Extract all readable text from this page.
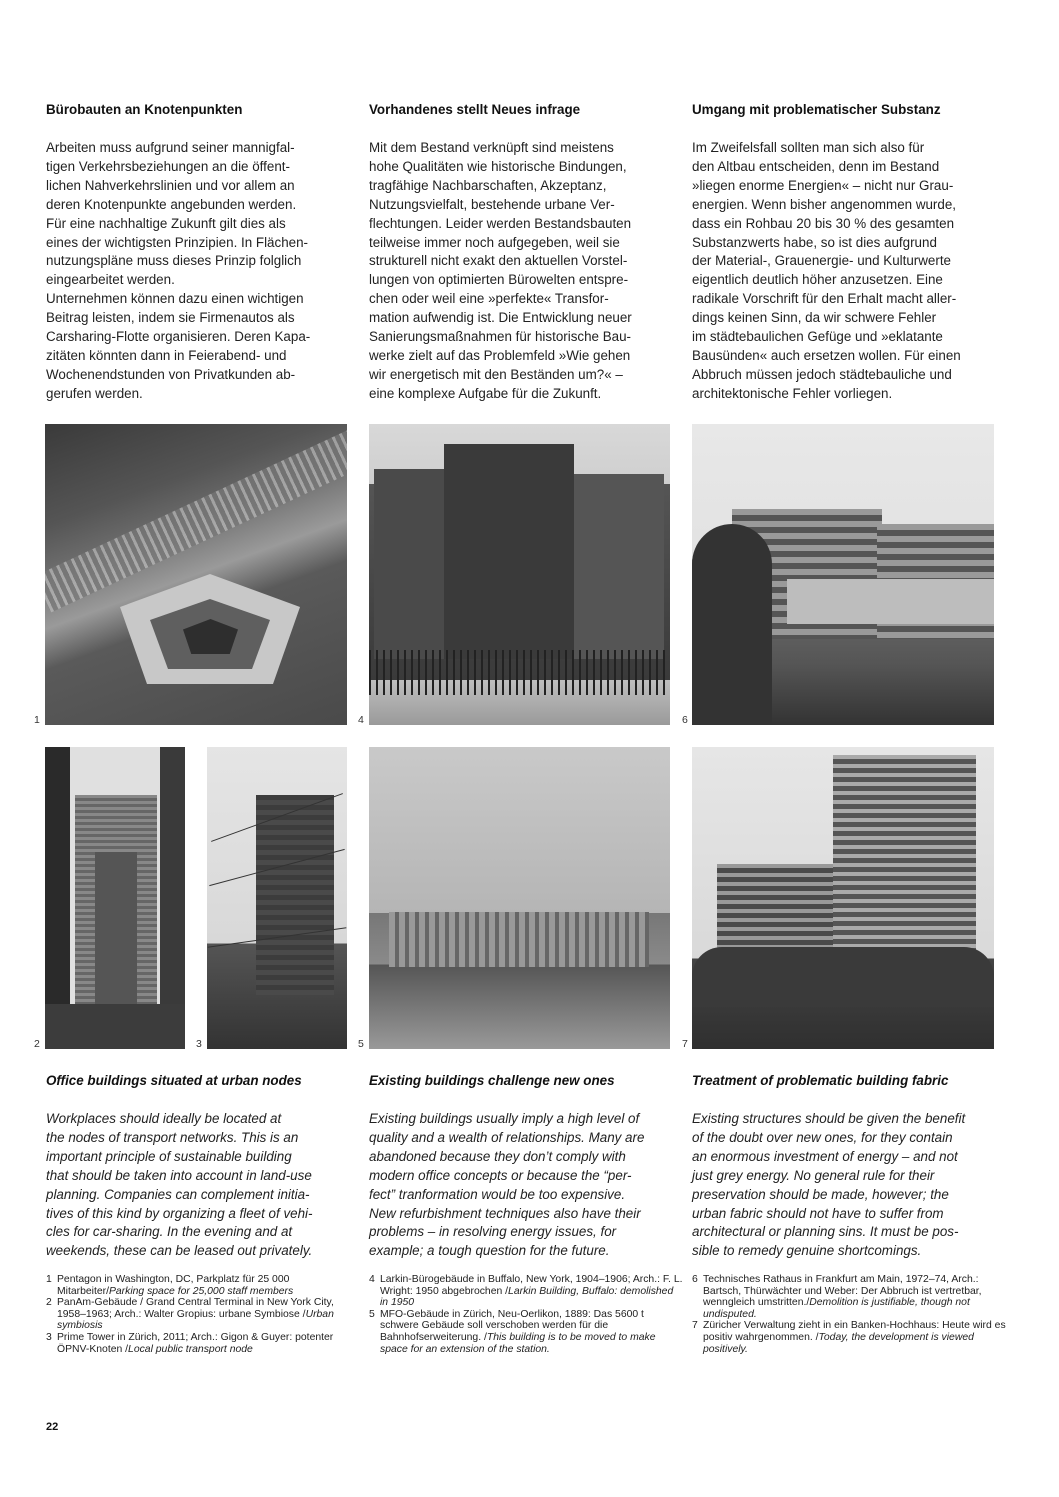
Bürobauten an Knotenpunkten
Arbeiten muss aufgrund seiner mannigfal-
tigen Verkehrsbeziehungen an die öffent-
lichen Nahverkehrslinien und vor allem an
deren Knotenpunkte angebunden werden.
Für eine nachhaltige Zukunft gilt dies als
eines der wichtigsten Prinzipien. In Flächen-
nutzungspläne muss dieses Prinzip folglich
eingearbeitet werden.
Unternehmen können dazu einen wichtigen
Beitrag leisten, indem sie Firmenautos als
Carsharing-Flotte organisieren. Deren Kapa-
zitäten könnten dann in Feierabend- und
Wochenendstunden von Privatkunden ab-
gerufen werden.
Vorhandenes stellt Neues infrage
Mit dem Bestand verknüpft sind meistens
hohe Qualitäten wie historische Bindungen,
tragfähige Nachbarschaften, Akzeptanz,
Nutzungsvielfalt, bestehende urbane Ver-
flechtungen. Leider werden Bestandsbauten
teilweise immer noch aufgegeben, weil sie
strukturell nicht exakt den aktuellen Vorstel-
lungen von optimierten Bürowelten entspre-
chen oder weil eine »perfekte« Transfor-
mation aufwendig ist. Die Entwicklung neuer
Sanierungsmaßnahmen für historische Bau-
werke zielt auf das Problemfeld »Wie gehen
wir energetisch mit den Beständen um?« –
eine komplexe Aufgabe für die Zukunft.
Umgang mit problematischer Substanz
Im Zweifelsfall sollten man sich also für
den Altbau entscheiden, denn im Bestand
»liegen enorme Energien« – nicht nur Grau-
energien. Wenn bisher angenommen wurde,
dass ein Rohbau 20 bis 30 % des gesamten
Substanzwerts habe, so ist dies aufgrund
der Material-, Grauenergie- und Kulturwerte
eigentlich deutlich höher anzusetzen. Eine
radikale Vorschrift für den Erhalt macht aller-
dings keinen Sinn, da wir schwere Fehler
im städtebaulichen Gefüge und »eklatante
Bausünden« auch ersetzen wollen. Für einen
Abbruch müssen jedoch städtebauliche und
architektonische Fehler vorliegen.
1	4	6
2	3	5	7
Office buildings situated at urban nodes
Workplaces should ideally be located at
the nodes of transport networks. This is an
important principle of sustainable building
that should be taken into account in land-use
planning. Companies can complement initia-
tives of this kind by organizing a fleet of vehi-
cles for car-sharing. In the evening and at
weekends, these can be leased out privately.
Existing buildings challenge new ones
Existing buildings usually imply a high level of
quality and a wealth of relationships. Many are
abandoned because they don’t comply with
modern office concepts or because the “per-
fect” tranformation would be too expensive.
New refurbishment techniques also have their
problems – in resolving energy issues, for
example; a tough question for the future.
Treatment of problematic building fabric
Existing structures should be given the benefit
of the doubt over new ones, for they contain
an enormous investment of energy – and not
just grey energy. No general rule for their
preservation should be made, however; the
urban fabric should not have to suffer from
architectural or planning sins. It must be pos-
sible to remedy genuine shortcomings.
1 Pentagon in Washington, DC, Parkplatz für 25 000 Mitarbeiter/Parking space for 25,000 staff members
2 PanAm-Gebäude / Grand Central Terminal in New York City, 1958–1963; Arch.: Walter Gropius: urbane Symbiose /Urban symbiosis
3 Prime Tower in Zürich, 2011; Arch.: Gigon & Guyer: potenter ÖPNV-Knoten /Local public transport node
4 Larkin-Bürogebäude in Buffalo, New York, 1904–1906; Arch.: F. L. Wright: 1950 abgebrochen /Larkin Building, Buffalo: demolished in 1950
5 MFO-Gebäude in Zürich, Neu-Oerlikon, 1889: Das 5600 t schwere Gebäude soll verschoben werden für die Bahnhofserweiterung. /This building is to be moved to make space for an extension of the station.
6 Technisches Rathaus in Frankfurt am Main, 1972–74, Arch.: Bartsch, Thürwächter und Weber: Der Abbruch ist vertretbar, wenngleich umstritten./Demolition is justifiable, though not undisputed.
7 Züricher Verwaltung zieht in ein Banken-Hochhaus: Heute wird es positiv wahrgenommen. /Today, the development is viewed positively.
22
